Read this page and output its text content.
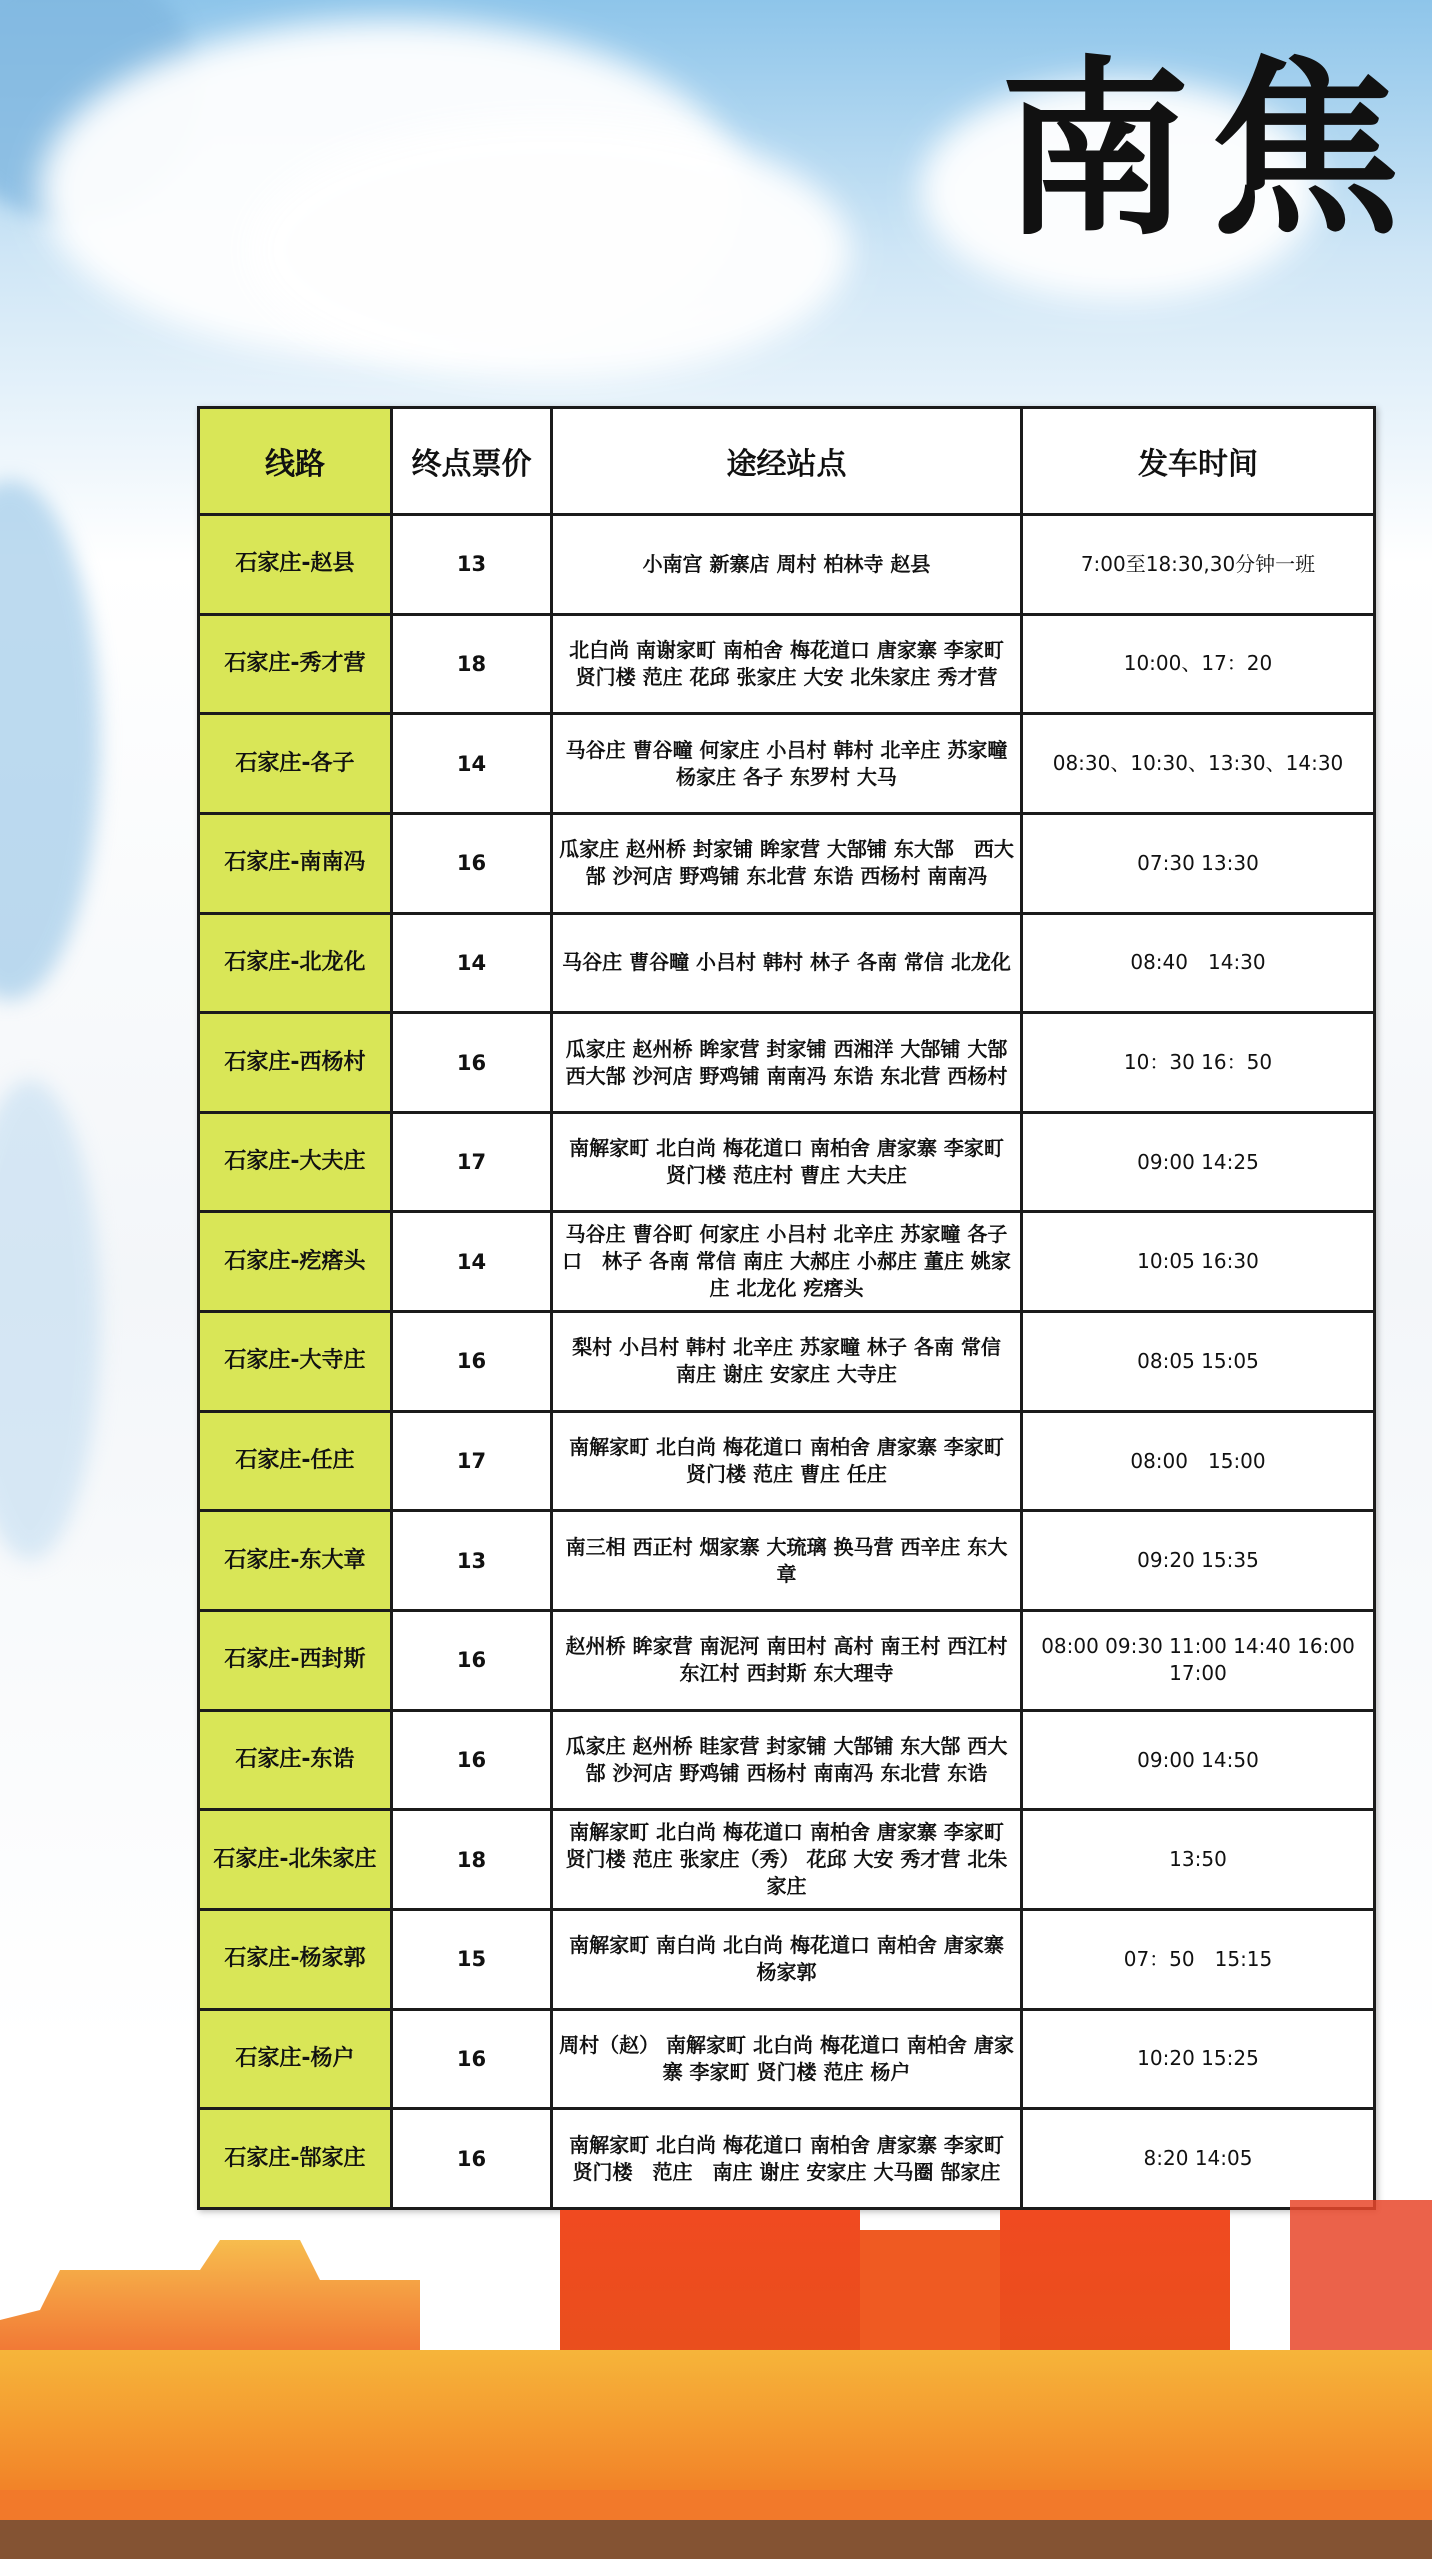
南焦
线路	终点票价	途经站点	发车时间
石家庄-赵县	13	小南宫 新寨店 周村 柏林寺 赵县	7:00至18:30,30分钟一班
石家庄-秀才营	18	北白尚 南谢家町 南柏舍 梅花道口 唐家寨 李家町 贤门楼 范庄 花邱 张家庄 大安 北朱家庄 秀才营	10:00、17：20
石家庄-各子	14	马谷庄 曹谷疃 何家庄 小吕村 韩村 北辛庄 苏家疃 杨家庄 各子 东罗村 大马	08:30、10:30、13:30、14:30
石家庄-南南冯	16	瓜家庄 赵州桥 封家铺 眸家营 大郜铺 东大郜　西大郜 沙河店 野鸡铺 东北营 东诰 西杨村 南南冯	07:30 13:30
石家庄-北龙化	14	马谷庄 曹谷疃 小吕村 韩村 林子 各南 常信 北龙化	08:40　14:30
石家庄-西杨村	16	瓜家庄 赵州桥 眸家营 封家铺 西湘洋 大郜铺 大郜　西大郜 沙河店 野鸡铺 南南冯 东诰 东北营 西杨村	10：30 16：50
石家庄-大夫庄	17	南解家町 北白尚 梅花道口 南柏舍 唐家寨 李家町 贤门楼 范庄村 曹庄 大夫庄	09:00 14:25
石家庄-疙瘩头	14	马谷庄 曹谷町 何家庄 小吕村 北辛庄 苏家疃 各子口　林子 各南 常信 南庄 大郝庄 小郝庄 董庄 姚家庄 北龙化 疙瘩头	10:05 16:30
石家庄-大寺庄	16	梨村 小吕村 韩村 北辛庄 苏家疃 林子 各南 常信 南庄 谢庄 安家庄 大寺庄	08:05 15:05
石家庄-任庄	17	南解家町 北白尚 梅花道口 南柏舍 唐家寨 李家町 贤门楼 范庄 曹庄 任庄	08:00　15:00
石家庄-东大章	13	南三相 西正村 烟家寨 大琉璃 换马营 西辛庄 东大章	09:20 15:35
石家庄-西封斯	16	赵州桥 眸家营 南泥河 南田村 高村 南王村 西江村 东江村 西封斯 东大理寺	08:00 09:30 11:00 14:40 16:00 17:00
石家庄-东诰	16	瓜家庄 赵州桥 眭家营 封家铺 大郜铺 东大郜 西大郜 沙河店 野鸡铺 西杨村 南南冯 东北营 东诰	09:00 14:50
石家庄-北朱家庄	18	南解家町 北白尚 梅花道口 南柏舍 唐家寨 李家町　贤门楼 范庄 张家庄（秀） 花邱 大安 秀才营 北朱家庄	13:50
石家庄-杨家郭	15	南解家町 南白尚 北白尚 梅花道口 南柏舍 唐家寨 杨家郭	07：50　15:15
石家庄-杨户	16	周村（赵） 南解家町 北白尚 梅花道口 南柏舍 唐家寨 李家町 贤门楼 范庄 杨户	10:20 15:25
石家庄-郜家庄	16	南解家町 北白尚 梅花道口 南柏舍 唐家寨 李家町　贤门楼　范庄　南庄 谢庄 安家庄 大马圈 郜家庄	8:20 14:05
